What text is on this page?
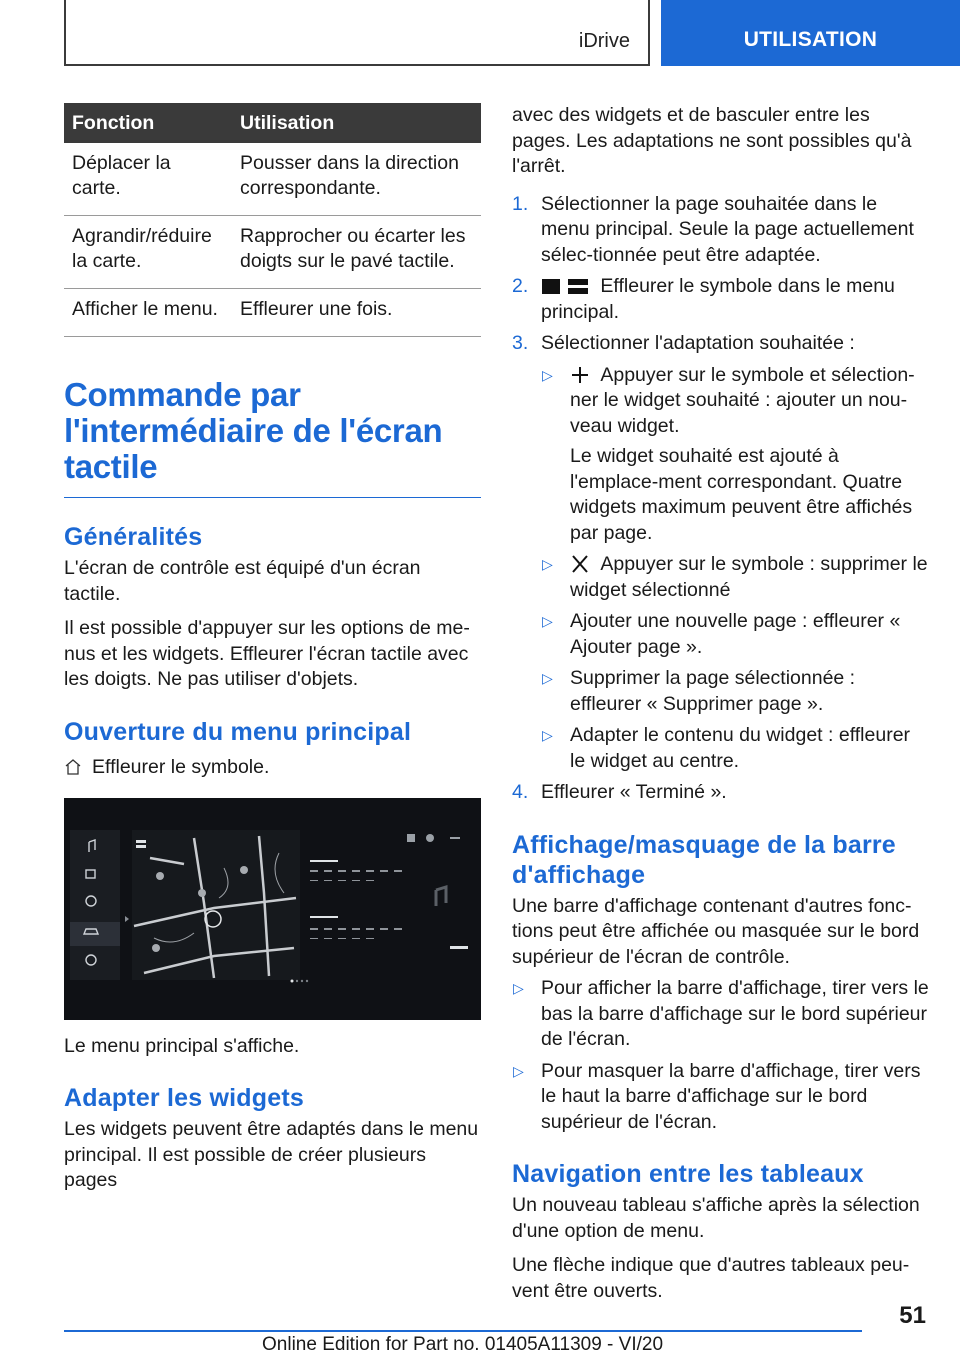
iDrive	UTILISATION
Fonction	Utilisation
Déplacer la carte.	Pousser dans la direction correspondante.
Agrandir/réduire la carte.	Rapprocher ou écarter les doigts sur le pavé tactile.
Afficher le menu.	Effleurer une fois.
Commande par l'intermédiaire de l'écran tactile
Généralités

L'écran de contrôle est équipé d'un écran tactile.

Il est possible d'appuyer sur les options de me-nus et les widgets. Effleurer l'écran tactile avec les doigts. Ne pas utiliser d'objets.

Ouverture du menu principal
Effleurer le symbole.

Le menu principal s'affiche.

Adapter les widgets

Les widgets peuvent être adaptés dans le menu principal. Il est possible de créer plusieurs pages

avec des widgets et de basculer entre les pages. Les adaptations ne sont possibles qu'à l'arrêt.

1. Sélectionner la page souhaitée dans le menu principal. Seule la page actuellement sélec-tionnée peut être adaptée.
2.	Effleurer le symbole dans le menu principal.
3. Sélectionner l'adaptation souhaitée :
▷ Appuyer sur le symbole et sélection-ner le widget souhaité : ajouter un nou-veau widget.

Le widget souhaité est ajouté à l'emplace-ment correspondant. Quatre widgets maximum peuvent être affichés par page.

▷ Appuyer sur le symbole : supprimer le widget sélectionné
▷ Ajouter une nouvelle page : effleurer « Ajouter page ».
▷ Supprimer la page sélectionnée : effleurer « Supprimer page ».
▷ Adapter le contenu du widget : effleurer le widget au centre.
4. Effleurer « Terminé ».
Affichage/masquage de la barre d'affichage

Une barre d'affichage contenant d'autres fonc-tions peut être affichée ou masquée sur le bord supérieur de l'écran de contrôle.

▷ Pour afficher la barre d'affichage, tirer vers le bas la barre d'affichage sur le bord supérieur de l'écran.
▷ Pour masquer la barre d'affichage, tirer vers le haut la barre d'affichage sur le bord supérieur de l'écran.
Navigation entre les tableaux

Un nouveau tableau s'affiche après la sélection d'une option de menu.

Une flèche indique que d'autres tableaux peu-vent être ouverts.

51
Online Edition for Part no. 01405A11309 - VI/20
